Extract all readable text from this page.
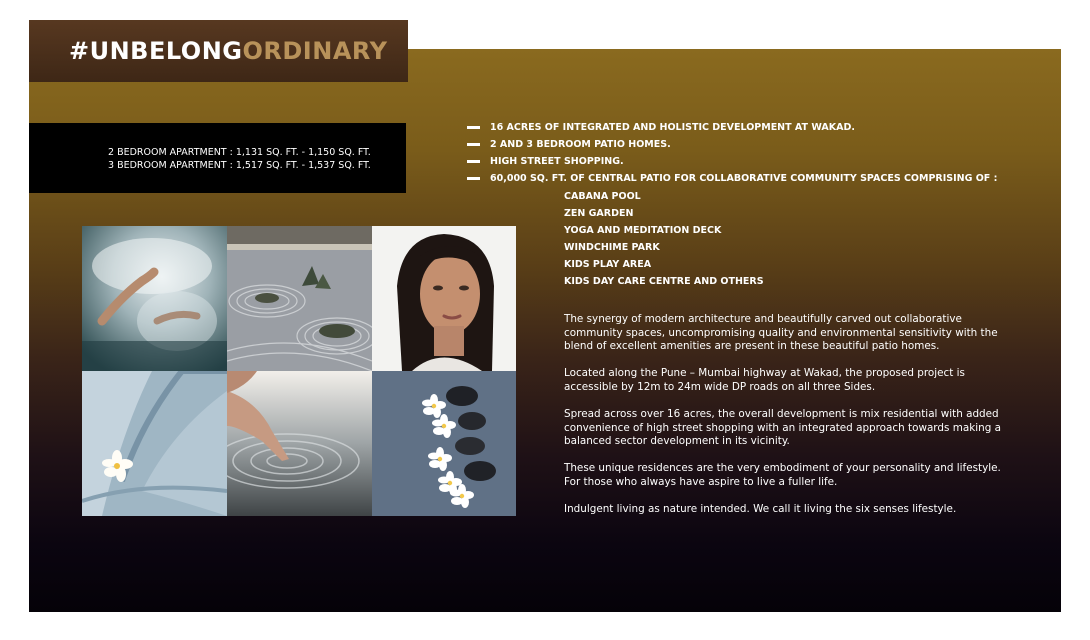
#UNBELONGORDINARY
2 BEDROOM APARTMENT : 1,131 SQ. FT. - 1,150 SQ. FT.
3 BEDROOM APARTMENT : 1,517 SQ. FT. - 1,537 SQ. FT.
16 ACRES OF INTEGRATED AND HOLISTIC DEVELOPMENT AT WAKAD.
2 AND 3 BEDROOM PATIO HOMES.
HIGH STREET SHOPPING.
60,000 SQ. FT. OF CENTRAL PATIO FOR COLLABORATIVE COMMUNITY SPACES COMPRISING OF :
CABANA POOL
ZEN GARDEN
YOGA AND MEDITATION DECK
WINDCHIME PARK
KIDS PLAY AREA
KIDS DAY CARE CENTRE AND OTHERS

The synergy of modern architecture and beautifully carved out collaborative community spaces, uncompromising quality and environmental sensitivity with the blend of excellent amenities are present in these beautiful patio homes.

Located along the Pune – Mumbai highway at Wakad, the proposed project is accessible by 12m to 24m wide DP roads on all three Sides.

Spread across over 16 acres, the overall development is mix residential with added convenience of high street shopping with an integrated approach towards making a balanced sector development in its vicinity.

These unique residences are the very embodiment of your personality and lifestyle. For those who always have aspire to live a fuller life.

Indulgent living as nature intended. We call it living the six senses lifestyle.
